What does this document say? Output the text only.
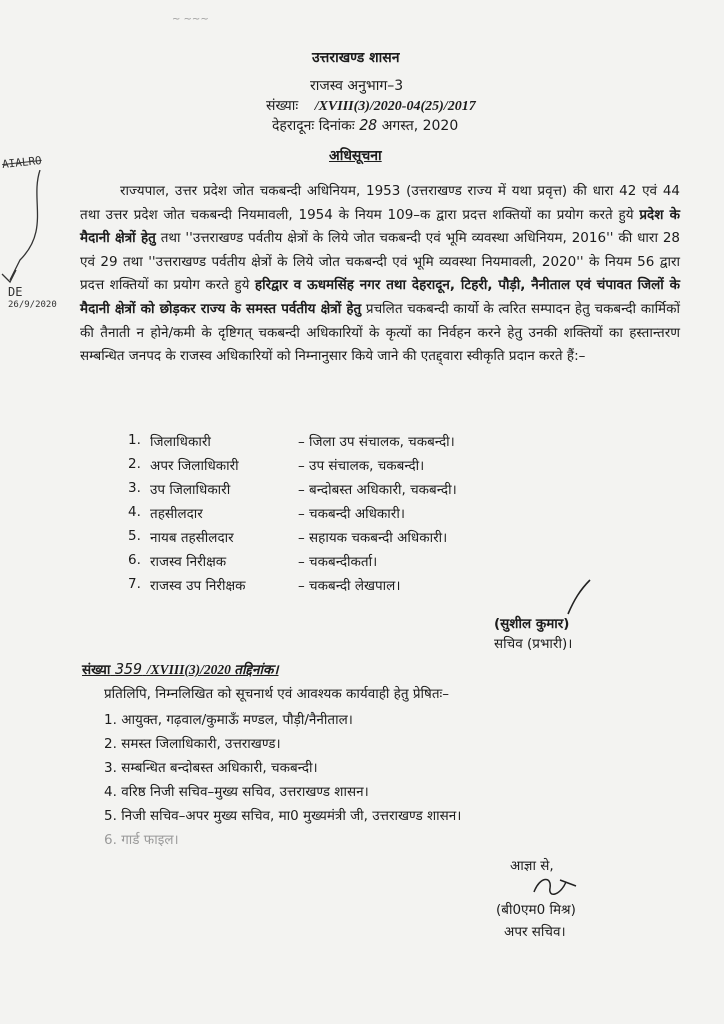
~ ~~~
उत्तराखण्ड शासन
राजस्व अनुभाग–3
संख्याः /XVIII(3)/2020-04(25)/2017
देहरादूनः दिनांकः 28 अगस्त, 2020
अधिसूचना
AIALRO
DE
26/9/2020
राज्यपाल, उत्तर प्रदेश जोत चकबन्दी अधिनियम, 1953 (उत्तराखण्ड राज्य में यथा प्रवृत्त) की धारा 42 एवं 44 तथा उत्तर प्रदेश जोत चकबन्दी नियमावली, 1954 के नियम 109–क द्वारा प्रदत्त शक्तियों का प्रयोग करते हुये प्रदेश के मैदानी क्षेत्रों हेतु तथा ''उत्तराखण्ड पर्वतीय क्षेत्रों के लिये जोत चकबन्दी एवं भूमि व्यवस्था अधिनियम, 2016'' की धारा 28 एवं 29 तथा ''उत्तराखण्ड पर्वतीय क्षेत्रों के लिये जोत चकबन्दी एवं भूमि व्यवस्था नियमावली, 2020'' के नियम 56 द्वारा प्रदत्त शक्तियों का प्रयोग करते हुये हरिद्वार व ऊधमसिंह नगर तथा देहरादून, टिहरी, पौड़ी, नैनीताल एवं चंपावत जिलों के मैदानी क्षेत्रों को छोड़कर राज्य के समस्त पर्वतीय क्षेत्रों हेतु प्रचलित चकबन्दी कार्यो के त्वरित सम्पादन हेतु चकबन्दी कार्मिकों की तैनाती न होने/कमी के दृष्टिगत् चकबन्दी अधिकारियों के कृत्यों का निर्वहन करने हेतु उनकी शक्तियों का हस्तान्तरण सम्बन्धित जनपद के राजस्व अधिकारियों को निम्नानुसार किये जाने की एतद्द्वारा स्वीकृति प्रदान करते हैं:–
1. जिलाधिकारी	– जिला उप संचालक, चकबन्दी।
2. अपर जिलाधिकारी	– उप संचालक, चकबन्दी।
3. उप जिलाधिकारी	– बन्दोबस्त अधिकारी, चकबन्दी।
4. तहसीलदार	– चकबन्दी अधिकारी।
5. नायब तहसीलदार	– सहायक चकबन्दी अधिकारी।
6. राजस्व निरीक्षक	– चकबन्दीकर्ता।
7. राजस्व उप निरीक्षक	– चकबन्दी लेखपाल।
(सुशील कुमार)
सचिव (प्रभारी)।
संख्या 359 /XVIII(3)/2020 तद्दिनांक।
प्रतिलिपि, निम्नलिखित को सूचनार्थ एवं आवश्यक कार्यवाही हेतु प्रेषितः–
1. आयुक्त, गढ़वाल/कुमाऊँ मण्डल, पौड़ी/नैनीताल।
2. समस्त जिलाधिकारी, उत्तराखण्ड।
3. सम्बन्धित बन्दोबस्त अधिकारी, चकबन्दी।
4. वरिष्ठ निजी सचिव–मुख्य सचिव, उत्तराखण्ड शासन।
5. निजी सचिव–अपर मुख्य सचिव, मा0 मुख्यमंत्री जी, उत्तराखण्ड शासन।
6. गार्ड फाइल।
आज्ञा से,
(बी0एम0 मिश्र)
अपर सचिव।
